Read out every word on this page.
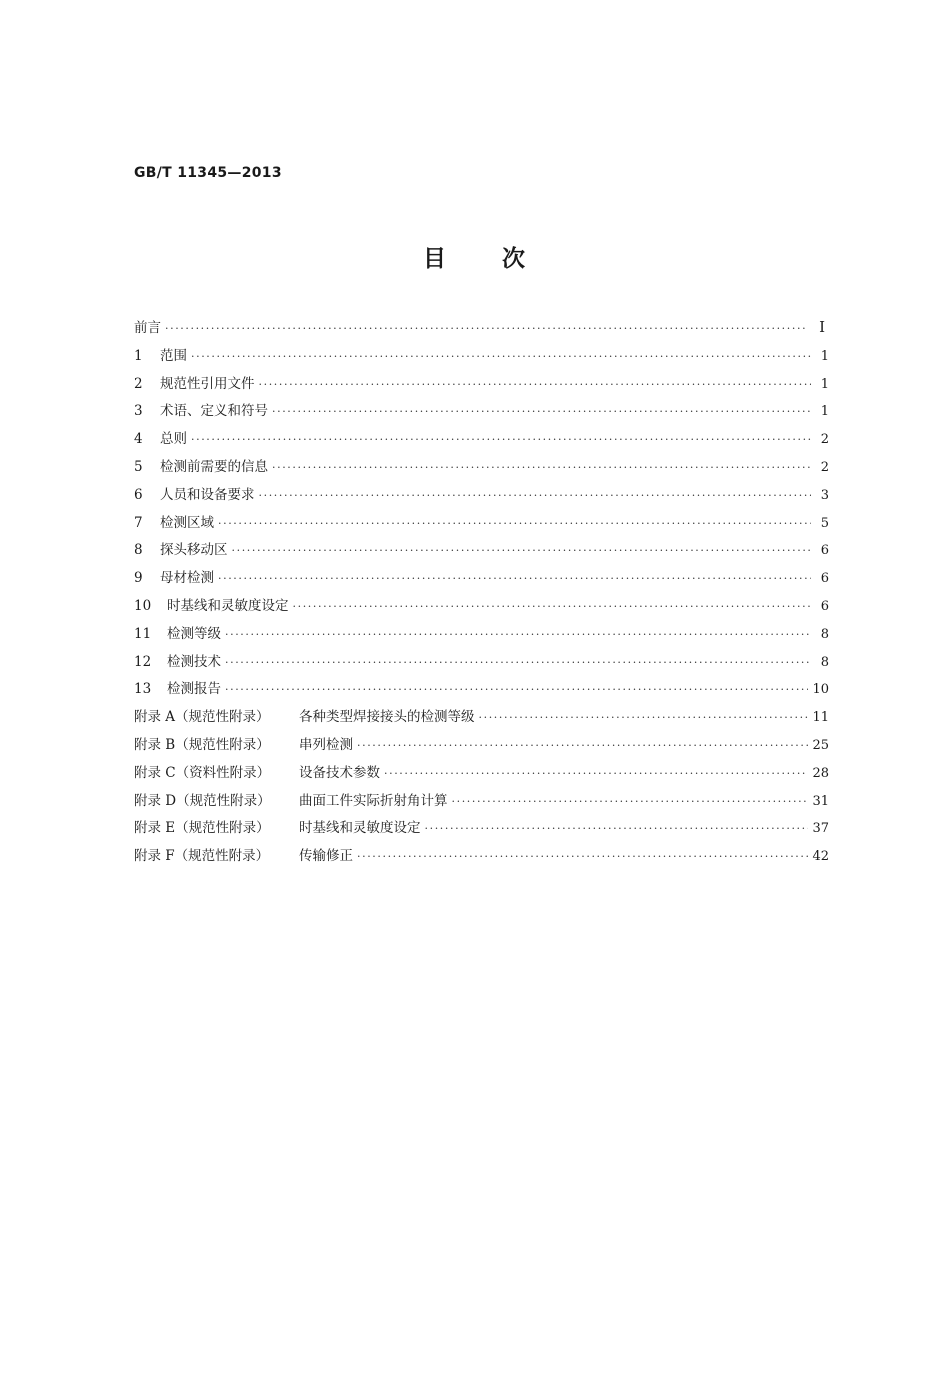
GB/T 11345—2013
目 次
前言 ·····	Ⅰ
1	范围 ·····	1
2	规范性引用文件 ·····	1
3	术语、定义和符号 ·····	1
4	总则 ·····	2
5	检测前需要的信息 ·····	2
6	人员和设备要求 ·····	3
7	检测区域 ·····	5
8	探头移动区 ·····	6
9	母材检测 ·····	6
10	时基线和灵敏度设定 ·····	6
11	检测等级 ·····	8
12	检测技术 ·····	8
13	检测报告 ·····	10
附录 A（规范性附录）	各种类型焊接接头的检测等级 ·····	11
附录 B（规范性附录）	串列检测 ·····	25
附录 C（资料性附录）	设备技术参数 ·····	28
附录 D（规范性附录）	曲面工件实际折射角计算 ·····	31
附录 E（规范性附录）	时基线和灵敏度设定 ·····	37
附录 F（规范性附录）	传输修正 ·····	42
